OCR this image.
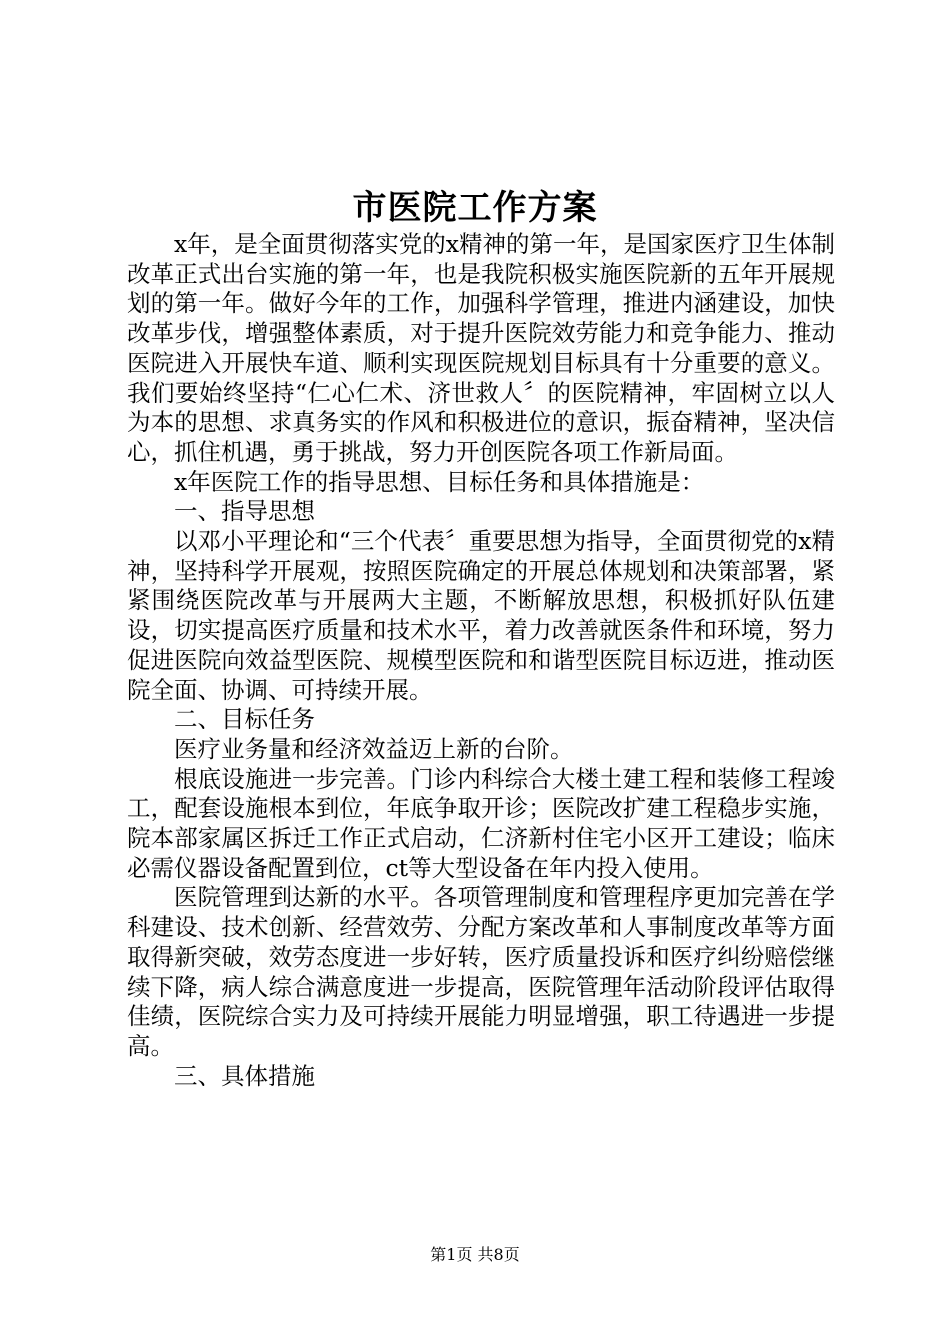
市医院工作方案

x年，是全面贯彻落实党的x精神的第一年，是国家医疗卫生体制改革正式出台实施的第一年，也是我院积极实施医院新的五年开展规划的第一年。做好今年的工作，加强科学管理，推进内涵建设，加快改革步伐，增强整体素质，对于提升医院效劳能力和竞争能力、推动医院进入开展快车道、顺利实现医院规划目标具有十分重要的意义。我们要始终坚持“仁心仁术、济世救人〞的医院精神，牢固树立以人为本的思想、求真务实的作风和积极进位的意识，振奋精神，坚决信心，抓住机遇，勇于挑战，努力开创医院各项工作新局面。

x年医院工作的指导思想、目标任务和具体措施是：

一、指导思想

以邓小平理论和“三个代表〞重要思想为指导，全面贯彻党的x精神，坚持科学开展观，按照医院确定的开展总体规划和决策部署，紧紧围绕医院改革与开展两大主题，不断解放思想，积极抓好队伍建设，切实提高医疗质量和技术水平，着力改善就医条件和环境，努力促进医院向效益型医院、规模型医院和和谐型医院目标迈进，推动医院全面、协调、可持续开展。

二、目标任务

医疗业务量和经济效益迈上新的台阶。

根底设施进一步完善。门诊内科综合大楼土建工程和装修工程竣工，配套设施根本到位，年底争取开诊；医院改扩建工程稳步实施，院本部家属区拆迁工作正式启动，仁济新村住宅小区开工建设；临床必需仪器设备配置到位，ct等大型设备在年内投入使用。

医院管理到达新的水平。各项管理制度和管理程序更加完善在学科建设、技术创新、经营效劳、分配方案改革和人事制度改革等方面取得新突破，效劳态度进一步好转，医疗质量投诉和医疗纠纷赔偿继续下降，病人综合满意度进一步提高，医院管理年活动阶段评估取得佳绩，医院综合实力及可持续开展能力明显增强，职工待遇进一步提高。

三、具体措施

第1页 共8页
